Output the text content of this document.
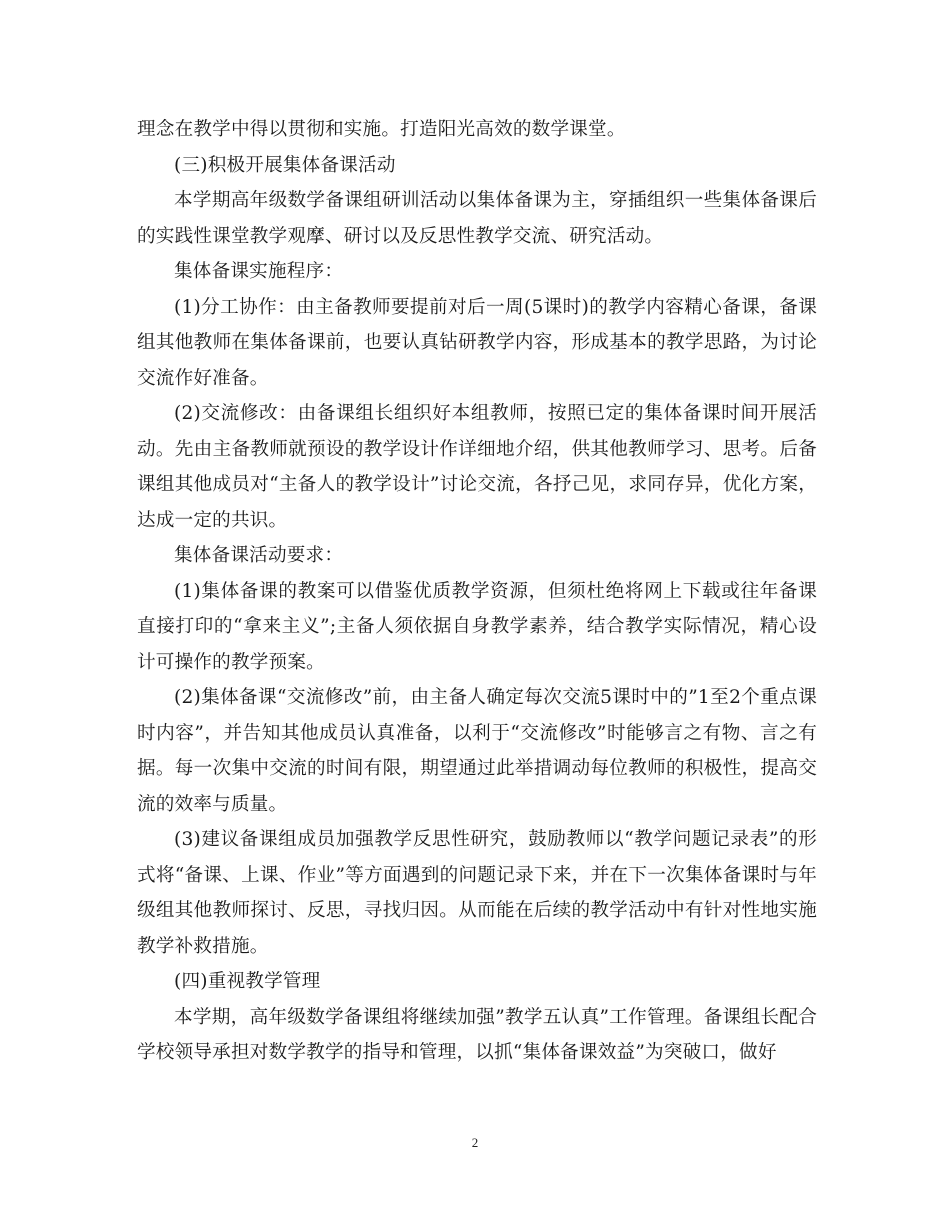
理念在教学中得以贯彻和实施。打造阳光高效的数学课堂。

(三)积极开展集体备课活动

本学期高年级数学备课组研训活动以集体备课为主，穿插组织一些集体备课后的实践性课堂教学观摩、研讨以及反思性教学交流、研究活动。

集体备课实施程序：

(1)分工协作：由主备教师要提前对后一周(5课时)的教学内容精心备课，备课组其他教师在集体备课前，也要认真钻研教学内容，形成基本的教学思路，为讨论交流作好准备。

(2)交流修改：由备课组长组织好本组教师，按照已定的集体备课时间开展活动。先由主备教师就预设的教学设计作详细地介绍，供其他教师学习、思考。后备课组其他成员对“主备人的教学设计”讨论交流，各抒己见，求同存异，优化方案，达成一定的共识。

集体备课活动要求：

(1)集体备课的教案可以借鉴优质教学资源，但须杜绝将网上下载或往年备课直接打印的“拿来主义”;主备人须依据自身教学素养，结合教学实际情况，精心设计可操作的教学预案。

(2)集体备课“交流修改”前，由主备人确定每次交流5课时中的”1至2个重点课时内容”，并告知其他成员认真准备，以利于“交流修改”时能够言之有物、言之有据。每一次集中交流的时间有限，期望通过此举措调动每位教师的积极性，提高交流的效率与质量。

(3)建议备课组成员加强教学反思性研究，鼓励教师以“教学问题记录表”的形式将“备课、上课、作业”等方面遇到的问题记录下来，并在下一次集体备课时与年级组其他教师探讨、反思，寻找归因。从而能在后续的教学活动中有针对性地实施教学补救措施。

(四)重视教学管理

本学期，高年级数学备课组将继续加强”教学五认真”工作管理。备课组长配合学校领导承担对数学教学的指导和管理，以抓“集体备课效益”为突破口，做好

2
